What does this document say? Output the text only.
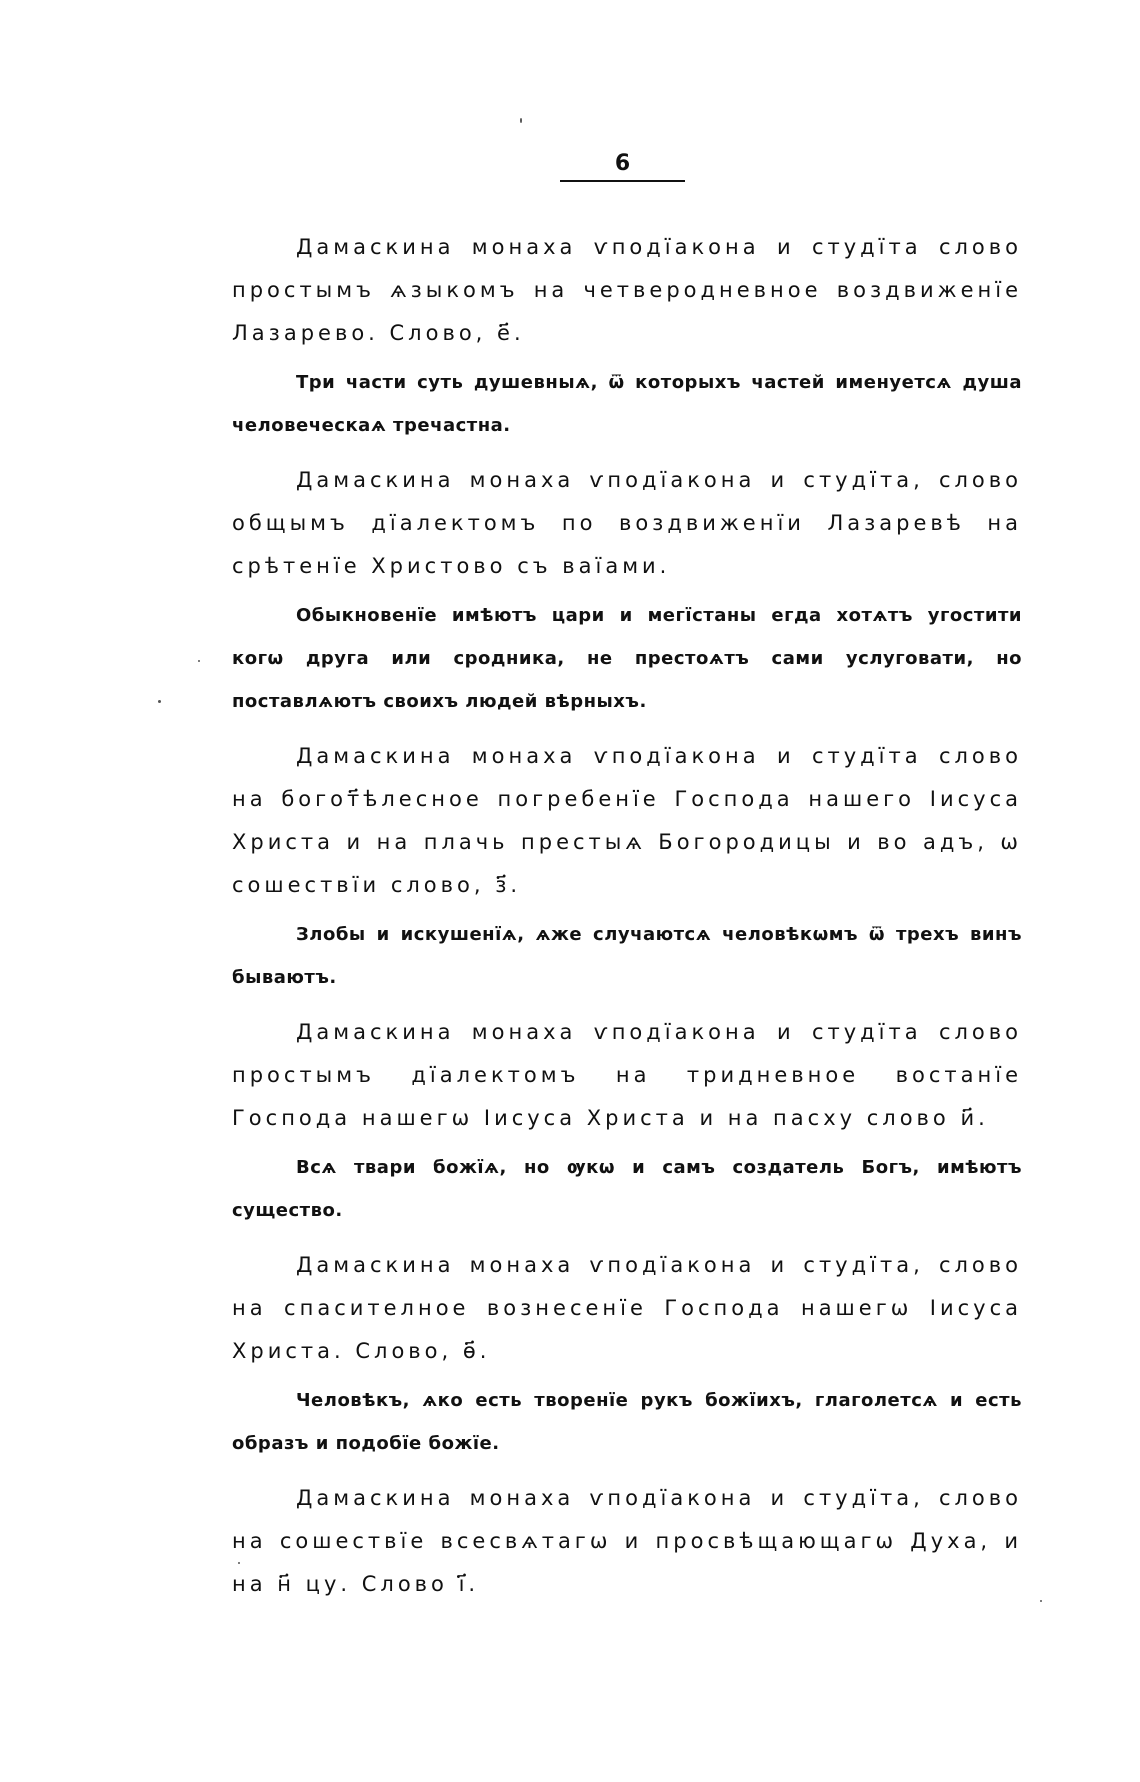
6

Дамаскина монаха ѵподїакона и студїта слово простымъ ѧзыкомъ на четверодневное воздвиженїе Лазарево. Слово, е҃.

Три части суть душевныѧ, ѿ которыхъ частей именуетсѧ душа человеческаѧ тречастна.

Дамаскина монаха ѵподїакона и студїта, слово общымъ дїалектомъ по воздвиженїи Лазаревѣ на срѣтенїе Христово съ ваїами.

Обыкновенїе имѣютъ цари и мегїстаны егда хотѧтъ угостити когѡ друга или сродника, не престоѧтъ сами услуговати, но поставлѧютъ своихъ людей вѣрныхъ.

Дамаскина монаха ѵподїакона и студїта слово на богот҃ѣлесное погребенїе Господа нашего Іисуса Христа и на плачь престыѧ Богородицы и во адъ, ѡ сошествїи слово, з҃.

Злобы и искушенїѧ, ѧже случаютсѧ человѣкѡмъ ѿ трехъ винъ бываютъ.

Дамаскина монаха ѵподїакона и студїта слово простымъ дїалектомъ на тридневное востанїе Господа нашегѡ Іисуса Христа и на пасху слово и҃.

Всѧ твари божїѧ, но ѹкѡ и самъ создатель Богъ, имѣютъ существо.

Дамаскина монаха ѵподїакона и студїта, слово на спасителное вознесенїе Господа нашегѡ Іисуса Христа. Слово, ѳ҃.

Человѣкъ, ѧко есть творенїе рукъ божїихъ, глаголетсѧ и есть образъ и подобїе божїе.

Дамаскина монаха ѵподїакона и студїта, слово на сошествїе всесвѧтагѡ и просвѣщающагѡ Духа, и на н҃ цу. Слово і҃.
